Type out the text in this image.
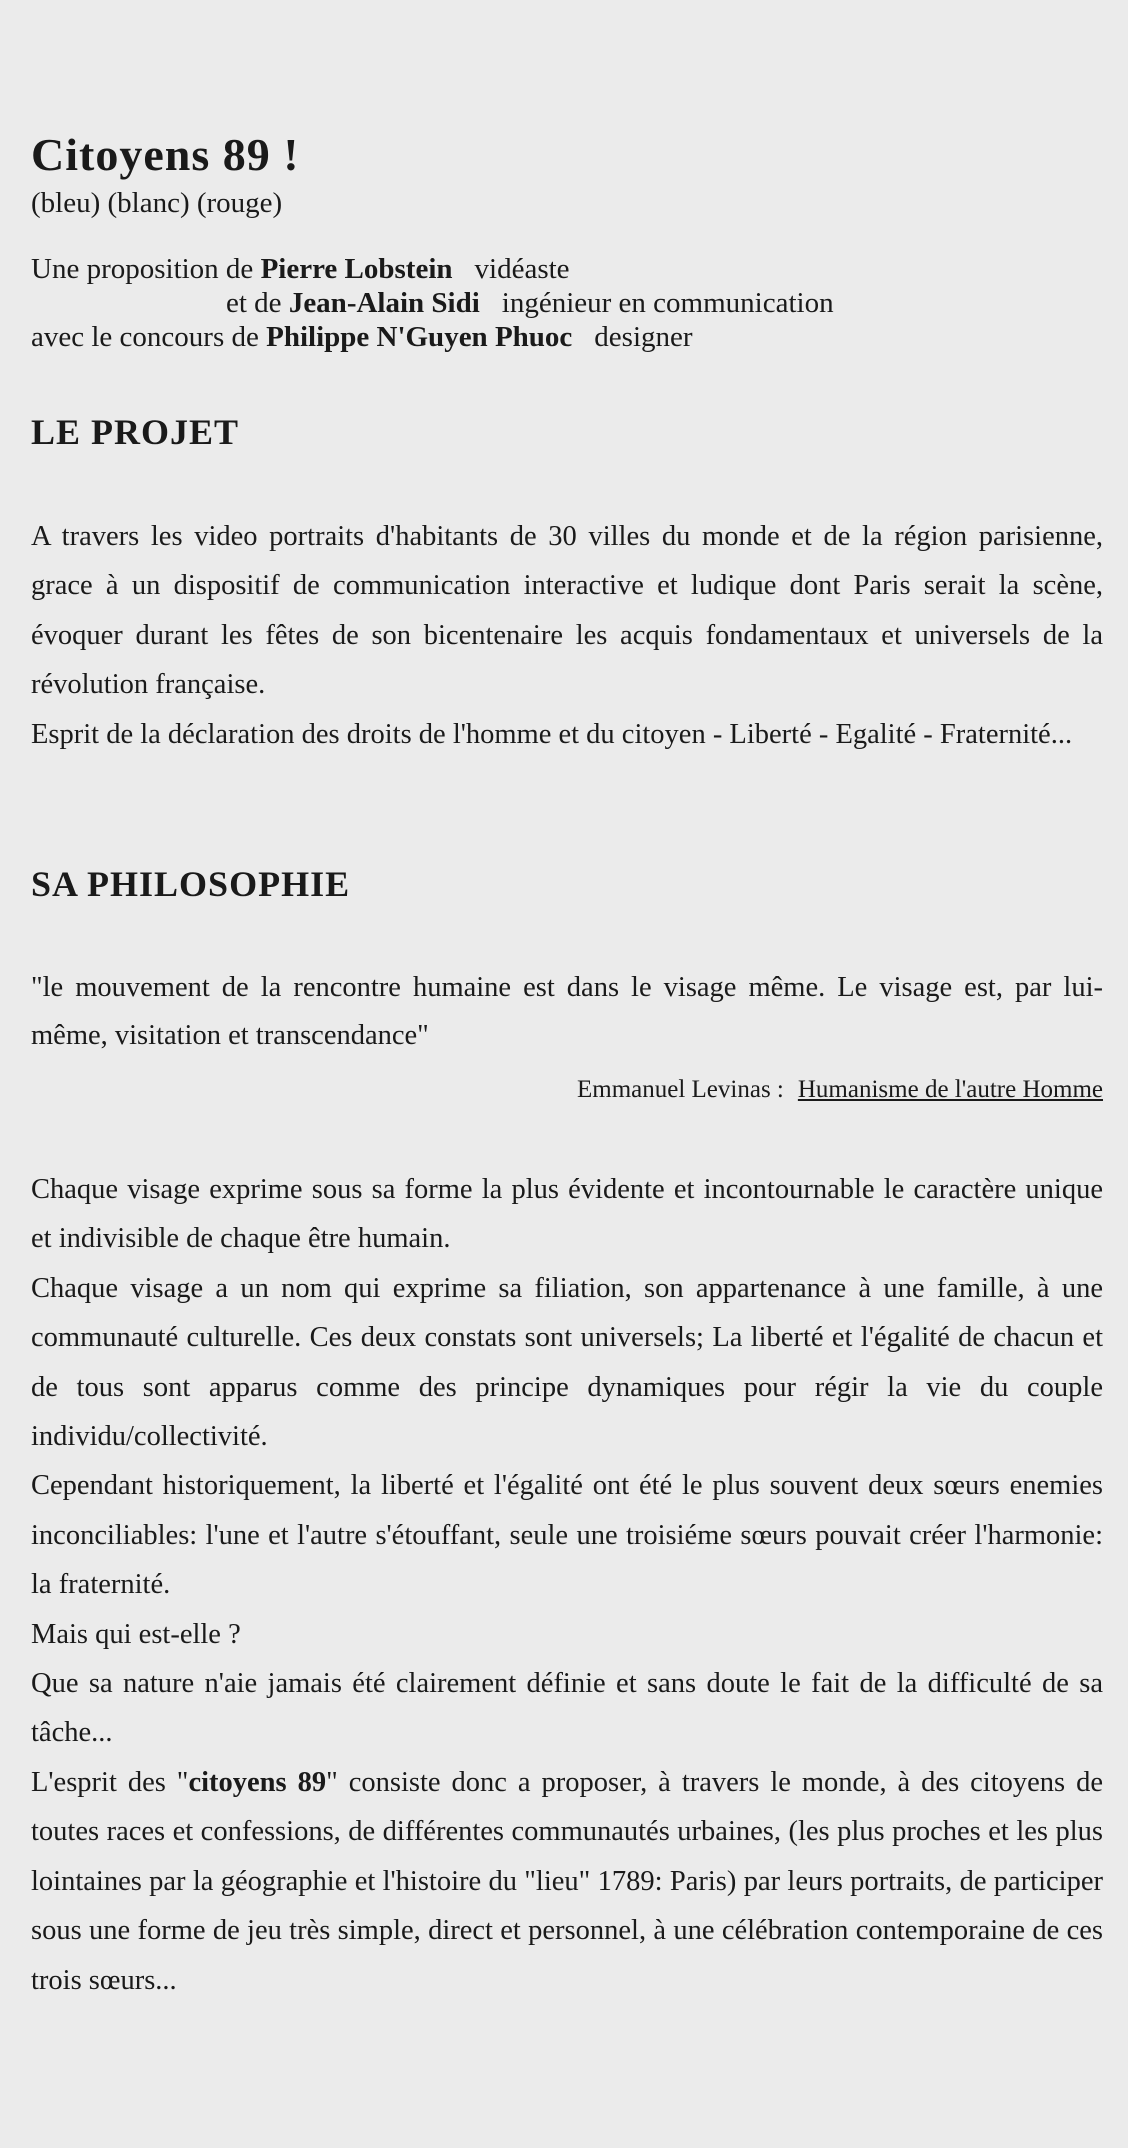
Citoyens 89 !
(bleu) (blanc) (rouge)
Une proposition de Pierre Lobstein vidéaste
et de Jean-Alain Sidi ingénieur en communication
avec le concours de Philippe N'Guyen Phuoc designer
LE PROJET

A travers les video portraits d'habitants de 30 villes du monde et de la région parisienne, grace à un dispositif de communication interactive et ludique dont Paris serait la scène, évoquer durant les fêtes de son bicentenaire les acquis fondamentaux et universels de la révolution française.

Esprit de la déclaration des droits de l'homme et du citoyen - Liberté - Egalité - Fraternité...

SA PHILOSOPHIE

"le mouvement de la rencontre humaine est dans le visage même. Le visage est, par lui-même, visitation et transcendance"

Emmanuel Levinas : Humanisme de l'autre Homme

Chaque visage exprime sous sa forme la plus évidente et incontournable le caractère unique et indivisible de chaque être humain.

Chaque visage a un nom qui exprime sa filiation, son appartenance à une famille, à une communauté culturelle. Ces deux constats sont universels; La liberté et l'égalité de chacun et de tous sont apparus comme des principe dynamiques pour régir la vie du couple individu/collectivité.

Cependant historiquement, la liberté et l'égalité ont été le plus souvent deux sœurs enemies inconciliables: l'une et l'autre s'étouffant, seule une troisiéme sœurs pouvait créer l'harmonie: la fraternité.

Mais qui est-elle ?

Que sa nature n'aie jamais été clairement définie et sans doute le fait de la difficulté de sa tâche...

L'esprit des "citoyens 89" consiste donc a proposer, à travers le monde, à des citoyens de toutes races et confessions, de différentes communautés urbaines, (les plus proches et les plus lointaines par la géographie et l'histoire du "lieu" 1789: Paris) par leurs portraits, de participer sous une forme de jeu très simple, direct et personnel, à une célébration contemporaine de ces trois sœurs...
